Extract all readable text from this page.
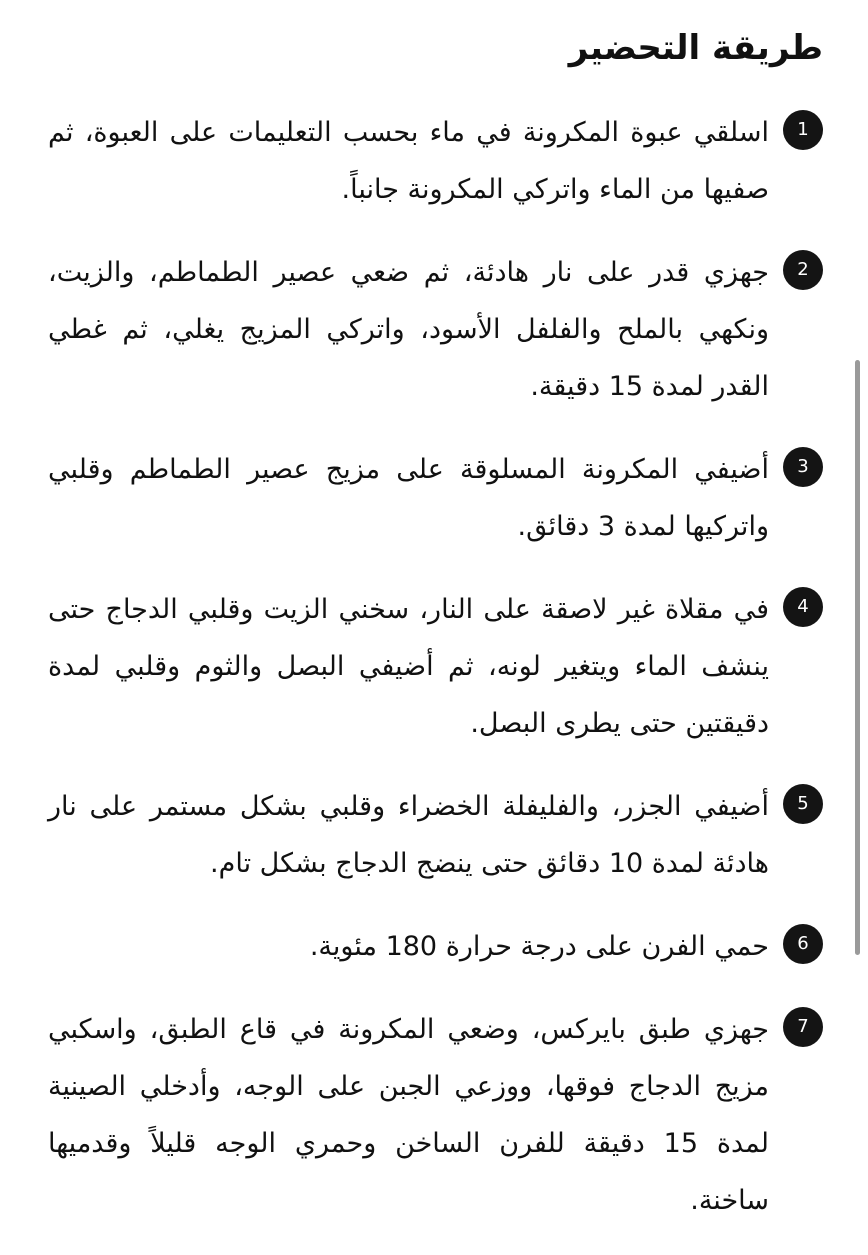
طريقة التحضير
1
اسلقي عبوة المكرونة في ماء بحسب التعليمات على العبوة، ثم صفيها من الماء واتركي المكرونة جانباً.
2
جهزي قدر على نار هادئة، ثم ضعي عصير الطماطم، والزيت، ونكهي بالملح والفلفل الأسود، واتركي المزيج يغلي، ثم غطي القدر لمدة 15 دقيقة.
3
أضيفي المكرونة المسلوقة على مزيج عصير الطماطم وقلبي واتركيها لمدة 3 دقائق.
4
في مقلاة غير لاصقة على النار، سخني الزيت وقلبي الدجاج حتى ينشف الماء ويتغير لونه، ثم أضيفي البصل والثوم وقلبي لمدة دقيقتين حتى يطرى البصل.
5
أضيفي الجزر، والفليفلة الخضراء وقلبي بشكل مستمر على نار هادئة لمدة 10 دقائق حتى ينضج الدجاج بشكل تام.
6
حمي الفرن على درجة حرارة 180 مئوية.
7
جهزي طبق بايركس، وضعي المكرونة في قاع الطبق، واسكبي مزيج الدجاج فوقها، ووزعي الجبن على الوجه، وأدخلي الصينية لمدة 15 دقيقة للفرن الساخن وحمري الوجه قليلاً وقدميها ساخنة.
